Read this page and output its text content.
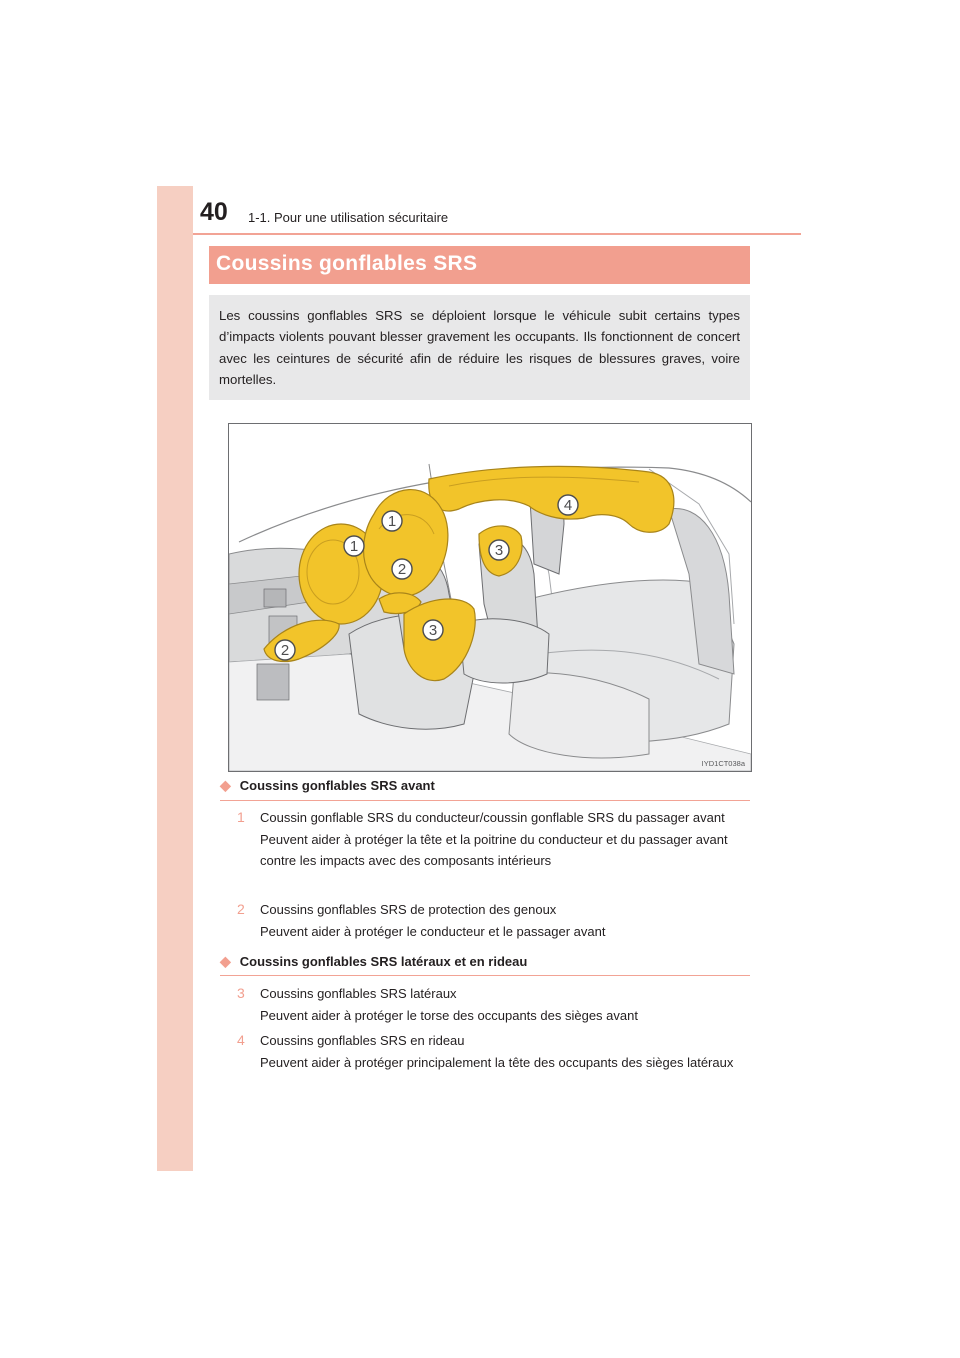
40 1-1. Pour une utilisation sécuritaire
Coussins gonflables SRS
Les coussins gonflables SRS se déploient lorsque le véhicule subit certains types d’impacts violents pouvant blesser gravement les occupants. Ils fonctionnent de concert avec les ceintures de sécurité afin de réduire les risques de blessures graves, voire mortelles.
1
1
2
2
3
3
4
IYD1CT038a
◆ Coussins gonflables SRS avant
1 Coussin gonflable SRS du conducteur/coussin gonflable SRS du passager avant

Peuvent aider à protéger la tête et la poitrine du conducteur et du passager avant contre les impacts avec des composants intérieurs

2 Coussins gonflables SRS de protection des genoux

Peuvent aider à protéger le conducteur et le passager avant

◆ Coussins gonflables SRS latéraux et en rideau
3 Coussins gonflables SRS latéraux

Peuvent aider à protéger le torse des occupants des sièges avant

4 Coussins gonflables SRS en rideau

Peuvent aider à protéger principalement la tête des occupants des sièges latéraux
